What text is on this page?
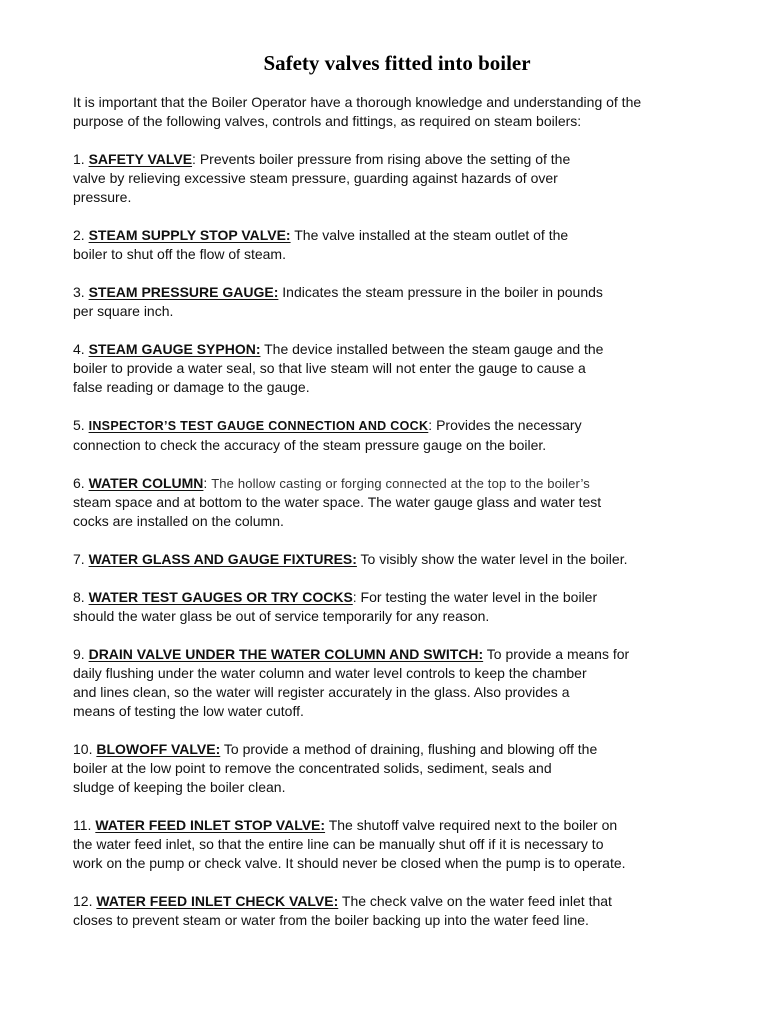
Safety valves fitted into boiler
It is important that the Boiler Operator have a thorough knowledge and understanding of the
purpose of the following valves, controls and fittings, as required on steam boilers:
1. SAFETY VALVE: Prevents boiler pressure from rising above the setting of the
valve by relieving excessive steam pressure, guarding against hazards of over
pressure.
2. STEAM SUPPLY STOP VALVE: The valve installed at the steam outlet of the
boiler to shut off the flow of steam.
3. STEAM PRESSURE GAUGE: Indicates the steam pressure in the boiler in pounds
per square inch.
4. STEAM GAUGE SYPHON: The device installed between the steam gauge and the
boiler to provide a water seal, so that live steam will not enter the gauge to cause a
false reading or damage to the gauge.
5. INSPECTOR’S TEST GAUGE CONNECTION AND COCK: Provides the necessary
connection to check the accuracy of the steam pressure gauge on the boiler.
6. WATER COLUMN: The hollow casting or forging connected at the top to the boiler’s
steam space and at bottom to the water space. The water gauge glass and water test
cocks are installed on the column.
7. WATER GLASS AND GAUGE FIXTURES: To visibly show the water level in the boiler.
8. WATER TEST GAUGES OR TRY COCKS: For testing the water level in the boiler
should the water glass be out of service temporarily for any reason.
9. DRAIN VALVE UNDER THE WATER COLUMN AND SWITCH: To provide a means for
daily flushing under the water column and water level controls to keep the chamber
and lines clean, so the water will register accurately in the glass. Also provides a
means of testing the low water cutoff.
10. BLOWOFF VALVE: To provide a method of draining, flushing and blowing off the
boiler at the low point to remove the concentrated solids, sediment, seals and
sludge of keeping the boiler clean.
11. WATER FEED INLET STOP VALVE: The shutoff valve required next to the boiler on
the water feed inlet, so that the entire line can be manually shut off if it is necessary to
work on the pump or check valve. It should never be closed when the pump is to operate.
12. WATER FEED INLET CHECK VALVE: The check valve on the water feed inlet that
closes to prevent steam or water from the boiler backing up into the water feed line.
